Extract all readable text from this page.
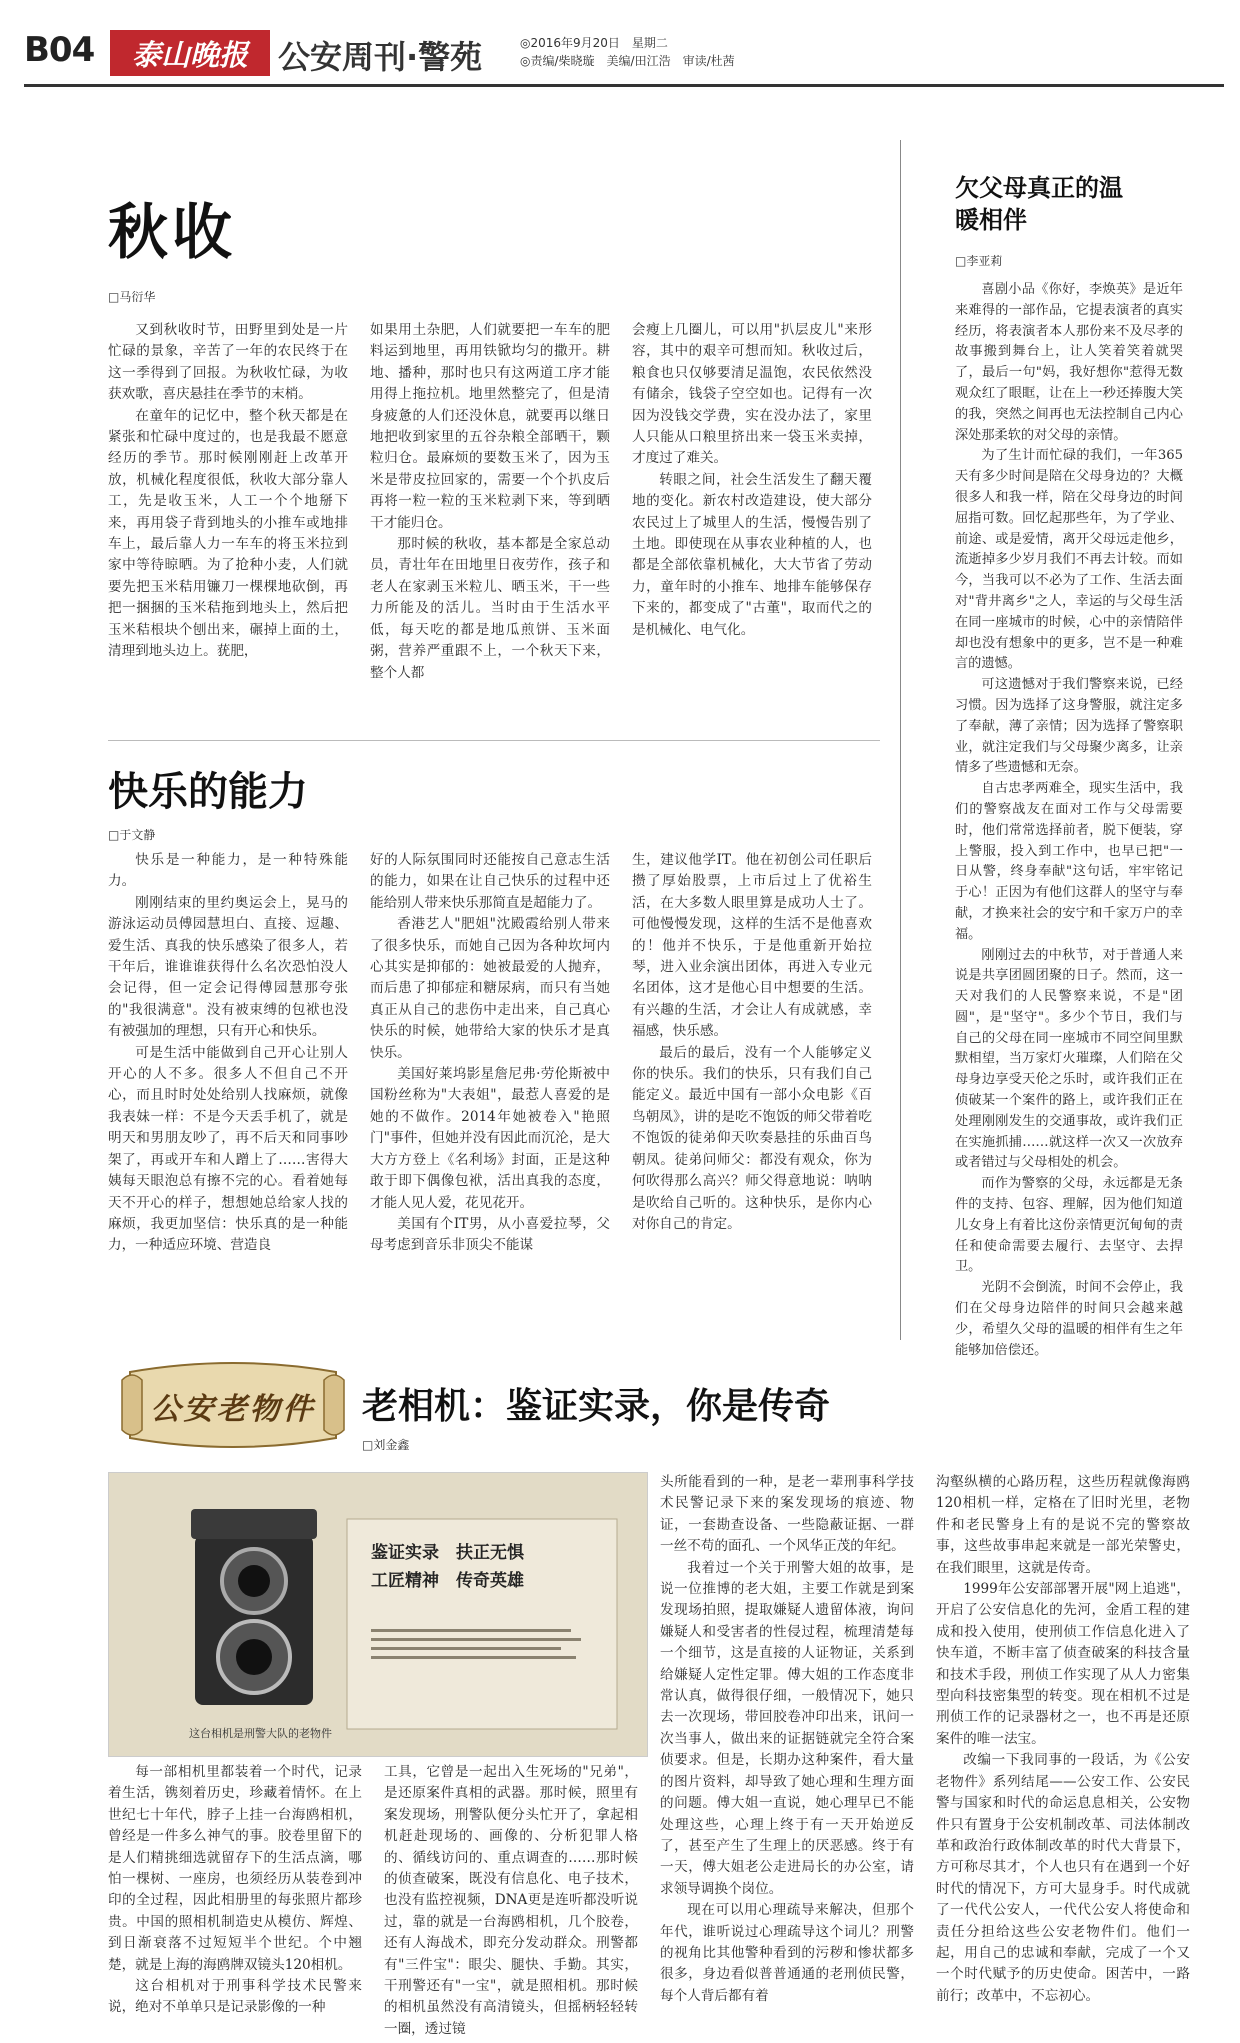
B04	泰山晚报 公安周刊·警苑	◎2016年9月20日　星期二
◎责编/柴晓璇　美编/田江浩　审读/杜茜
秋收
□马衍华

又到秋收时节，田野里到处是一片忙碌的景象，辛苦了一年的农民终于在这一季得到了回报。为秋收忙碌，为收获欢歌，喜庆悬挂在季节的末梢。

在童年的记忆中，整个秋天都是在紧张和忙碌中度过的，也是我最不愿意经历的季节。那时候刚刚赶上改革开放，机械化程度很低，秋收大部分靠人工，先是收玉米，人工一个个地掰下来，再用袋子背到地头的小推车或地排车上，最后靠人力一车车的将玉米拉到家中等待晾晒。为了抢种小麦，人们就要先把玉米秸用镰刀一棵棵地砍倒，再把一捆捆的玉米秸拖到地头上，然后把玉米秸根块个刨出来，碾掉上面的土，清理到地头边上。莸肥，

如果用土杂肥，人们就要把一车车的肥料运到地里，再用铁锨均匀的撒开。耕地、播种，那时也只有这两道工序才能用得上拖拉机。地里然整完了，但是清身疲惫的人们还没休息，就要再以继日地把收到家里的五谷杂粮全部晒干，颗粒归仓。最麻烦的要数玉米了，因为玉米是带皮拉回家的，需要一个个扒皮后再将一粒一粒的玉米粒剥下来，等到晒干才能归仓。

那时候的秋收，基本都是全家总动员，青壮年在田地里日夜劳作，孩子和老人在家剥玉米粒儿、晒玉米，干一些力所能及的活儿。当时由于生活水平低，每天吃的都是地瓜煎饼、玉米面粥，营养严重跟不上，一个秋天下来，整个人都

会瘦上几圈儿，可以用"扒层皮儿"来形容，其中的艰辛可想而知。秋收过后，粮食也只仅够要清足温饱，农民依然没有储余，钱袋子空空如也。记得有一次因为没钱交学费，实在没办法了，家里人只能从口粮里挤出来一袋玉米卖掉，才度过了难关。

转眼之间，社会生活发生了翻天覆地的变化。新农村改造建设，使大部分农民过上了城里人的生活，慢慢告别了土地。即使现在从事农业种植的人，也都是全部依靠机械化，大大节省了劳动力，童年时的小推车、地排车能够保存下来的，都变成了"古董"，取而代之的是机械化、电气化。

快乐的能力
□于文静

快乐是一种能力，是一种特殊能力。

刚刚结束的里约奥运会上，晃马的游泳运动员傅园慧坦白、直接、逗趣、爱生活、真我的快乐感染了很多人，若干年后，谁谁谁获得什么名次恐怕没人会记得，但一定会记得傅园慧那夸张的"我很满意"。没有被束缚的包袱也没有被强加的理想，只有开心和快乐。

可是生活中能做到自己开心让别人开心的人不多。很多人不但自己不开心，而且时时处处给别人找麻烦，就像我表妹一样：不是今天丢手机了，就是明天和男朋友吵了，再不后天和同事吵架了，再或开车和人蹭上了……害得大姨每天眼泡总有擦不完的心。看着她每天不开心的样子，想想她总给家人找的麻烦，我更加坚信：快乐真的是一种能力，一种适应环境、营造良

好的人际氛围同时还能按自己意志生活的能力，如果在让自己快乐的过程中还能给别人带来快乐那简直是超能力了。

香港艺人"肥姐"沈殿霞给别人带来了很多快乐，而她自己因为各种坎坷内心其实是抑郁的：她被最爱的人抛弃，而后患了抑郁症和糖尿病，而只有当她真正从自己的悲伤中走出来，自己真心快乐的时候，她带给大家的快乐才是真快乐。

美国好莱坞影星詹尼弗·劳伦斯被中国粉丝称为"大表姐"，最惹人喜爱的是她的不做作。2014年她被卷入"艳照门"事件，但她并没有因此而沉沦，是大大方方登上《名利场》封面，正是这种敢于即下偶像包袱，活出真我的态度，才能人见人爱，花见花开。

美国有个IT男，从小喜爱拉琴，父母考虑到音乐非顶尖不能谋

生，建议他学IT。他在初创公司任职后攒了厚始股票，上市后过上了优裕生活，在大多数人眼里算是成功人士了。可他慢慢发现，这样的生活不是他喜欢的！他并不快乐，于是他重新开始拉琴，进入业余演出团体，再进入专业元名团体，这才是他心目中想要的生活。有兴趣的生活，才会让人有成就感，幸福感，快乐感。

最后的最后，没有一个人能够定义你的快乐。我们的快乐，只有我们自己能定义。最近中国有一部小众电影《百鸟朝凤》，讲的是吃不饱饭的师父带着吃不饱饭的徒弟仰天吹奏悬挂的乐曲百鸟朝凤。徒弟问师父：都没有观众，你为何吹得那么高兴？师父得意地说：呐呐是吹给自己听的。这种快乐，是你内心对你自己的肯定。

欠父母真正的温暖相伴
□李亚莉

喜剧小品《你好，李焕英》是近年来难得的一部作品，它提表演者的真实经历，将表演者本人那份来不及尽孝的故事搬到舞台上，让人笑着笑着就哭了，最后一句"妈，我好想你"惹得无数观众红了眼眶，让在上一秒还捧腹大笑的我，突然之间再也无法控制自己内心深处那柔软的对父母的亲情。

为了生计而忙碌的我们，一年365天有多少时间是陪在父母身边的？大概很多人和我一样，陪在父母身边的时间屈指可数。回忆起那些年，为了学业、前途、或是爱情，离开父母远走他乡，流逝掉多少岁月我们不再去计较。而如今，当我可以不必为了工作、生活去面对"背井离乡"之人，幸运的与父母生活在同一座城市的时候，心中的亲情陪伴却也没有想象中的更多，岂不是一种难言的遗憾。

可这遗憾对于我们警察来说，已经习惯。因为选择了这身警服，就注定多了奉献，薄了亲情；因为选择了警察职业，就注定我们与父母聚少离多，让亲情多了些遗憾和无奈。

自古忠孝两难全，现实生活中，我们的警察战友在面对工作与父母需要时，他们常常选择前者，脱下便装，穿上警服，投入到工作中，也早已把"一日从警，终身奉献"这句话，牢牢铭记于心！正因为有他们这群人的坚守与奉献，才换来社会的安宁和千家万户的幸福。

刚刚过去的中秋节，对于普通人来说是共享团圆团聚的日子。然而，这一天对我们的人民警察来说，不是"团圆"，是"坚守"。多少个节日，我们与自己的父母在同一座城市不同空间里默默相望，当万家灯火璀璨，人们陪在父母身边享受天伦之乐时，或许我们正在侦破某一个案件的路上，或许我们正在处理刚刚发生的交通事故，或许我们正在实施抓捕……就这样一次又一次放弃或者错过与父母相处的机会。

而作为警察的父母，永远都是无条件的支持、包容、理解，因为他们知道儿女身上有着比这份亲情更沉甸甸的责任和使命需要去履行、去坚守、去捍卫。

光阴不会倒流，时间不会停止，我们在父母身边陪伴的时间只会越来越少，希望久父母的温暖的相伴有生之年能够加倍偿还。

公安老物件	老相机：鉴证实录，你是传奇
□刘金鑫
鉴证实录　扶正无惧
工匠精神　传奇英雄
这台相机是刑警大队的老物件

每一部相机里都装着一个时代，记录着生活，镌刻着历史，珍藏着情怀。在上世纪七十年代，脖子上挂一台海鸥相机，曾经是一件多么神气的事。胶卷里留下的是人们精挑细选就留存下的生活点滴，哪怕一棵树、一座房，也须经历从装卷到冲印的全过程，因此相册里的每张照片都珍贵。中国的照相机制造史从模仿、辉煌、到日渐衰落不过短短半个世纪。个中翘楚，就是上海的海鸥牌双镜头120相机。

这台相机对于刑事科学技术民警来说，绝对不单单只是记录影像的一种

工具，它曾是一起出入生死场的"兄弟"，是还原案件真相的武器。那时候，照里有案发现场，刑警队便分头忙开了，拿起相机赶赴现场的、画像的、分析犯罪人格的、循线访问的、重点调查的……那时候的侦查破案，既没有信息化、电子技术，也没有监控视频，DNA更是连听都没听说过，靠的就是一台海鸥相机，几个胶卷，还有人海战术，即充分发动群众。刑警都有"三件宝"：眼尖、腿快、手勤。其实，干刑警还有"一宝"，就是照相机。那时候的相机虽然没有高清镜头，但摇柄轻轻转一圈，透过镜

头所能看到的一种，是老一辈刑事科学技术民警记录下来的案发现场的痕迹、物证，一套勘查设备、一些隐蔽证据、一群一丝不苟的面孔、一个风华正茂的年纪。

我着过一个关于刑警大姐的故事，是说一位推博的老大姐，主要工作就是到案发现场拍照，提取嫌疑人遗留体液，询问嫌疑人和受害者的性侵过程，梳理清楚每一个细节，这是直接的人证物证，关系到给嫌疑人定性定罪。傅大姐的工作态度非常认真，做得很仔细，一般情况下，她只去一次现场，带回胶卷冲印出来，讯问一次当事人，做出来的证据链就完全符合案侦要求。但是，长期办这种案件，看大量的图片资料，却导致了她心理和生理方面的问题。傅大姐一直说，她心理早已不能处理这些，心理上终于有一天开始逆反了，甚至产生了生理上的厌恶感。终于有一天，傅大姐老公走进局长的办公室，请求领导调换个岗位。

现在可以用心理疏导来解决，但那个年代，谁听说过心理疏导这个词儿？刑警的视角比其他警种看到的污秽和惨状都多很多，身边看似普普通通的老刑侦民警，每个人背后都有着

沟壑纵横的心路历程，这些历程就像海鸥120相机一样，定格在了旧时光里，老物件和老民警身上有的是说不完的警察故事，这些故事串起来就是一部光荣警史，在我们眼里，这就是传奇。

1999年公安部部署开展"网上追逃"，开启了公安信息化的先河，金盾工程的建成和投入使用，使刑侦工作信息化进入了快车道，不断丰富了侦查破案的科技含量和技术手段，刑侦工作实现了从人力密集型向科技密集型的转变。现在相机不过是刑侦工作的记录器材之一，也不再是还原案件的唯一法宝。

改编一下我同事的一段话，为《公安老物件》系列结尾——公安工作、公安民警与国家和时代的命运息息相关，公安物件只有置身于公安机制改革、司法体制改革和政治行政体制改革的时代大背景下，方可称尽其才，个人也只有在遇到一个好时代的情况下，方可大显身手。时代成就了一代代公安人，一代代公安人将使命和责任分担给这些公安老物件们。他们一起，用自己的忠诚和奉献，完成了一个又一个时代赋予的历史使命。困苦中，一路前行；改革中，不忘初心。
